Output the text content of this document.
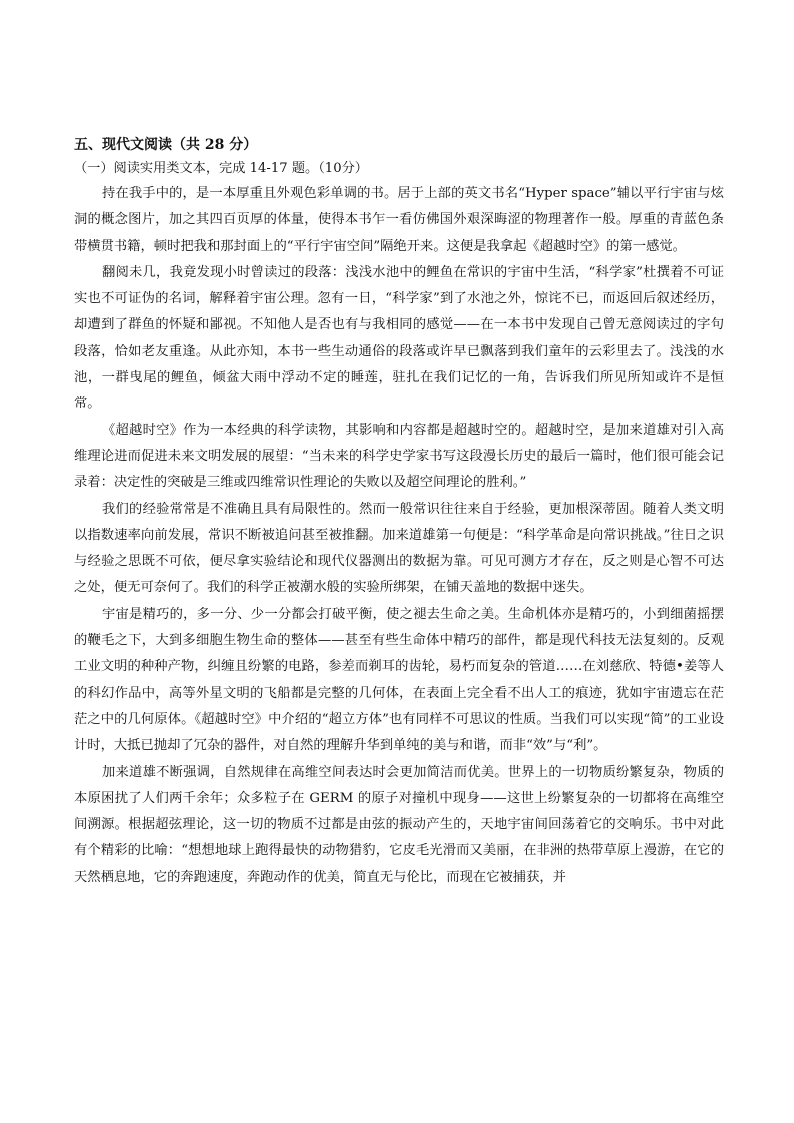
五、现代文阅读（共 28 分）

（一）阅读实用类文本，完成 14-17 题。（10分）

持在我手中的，是一本厚重且外观色彩单调的书。居于上部的英文书名“Hyper space”辅以平行宇宙与炫洞的概念图片，加之其四百页厚的体量，使得本书乍一看仿佛国外艰深晦涩的物理著作一般。厚重的青蓝色条带横贯书籍，顿时把我和那封面上的“平行宇宙空间”隔绝开来。这便是我拿起《超越时空》的第一感觉。

翻阅未几，我竟发现小时曾读过的段落：浅浅水池中的鲤鱼在常识的宇宙中生活，“科学家”杜撰着不可证实也不可证伪的名词，解释着宇宙公理。忽有一日，“科学家”到了水池之外，惊诧不已，而返回后叙述经历，却遭到了群鱼的怀疑和鄙视。不知他人是否也有与我相同的感觉——在一本书中发现自己曾无意阅读过的字句段落，恰如老友重逢。从此亦知，本书一些生动通俗的段落或许早已飘落到我们童年的云彩里去了。浅浅的水池，一群曳尾的鲤鱼，倾盆大雨中浮动不定的睡莲，驻扎在我们记忆的一角，告诉我们所见所知或许不是恒常。

《超越时空》作为一本经典的科学读物，其影响和内容都是超越时空的。超越时空，是加来道雄对引入高维理论进而促进未来文明发展的展望：“当未来的科学史学家书写这段漫长历史的最后一篇时，他们很可能会记录着：决定性的突破是三维或四维常识性理论的失败以及超空间理论的胜利。”

我们的经验常常是不准确且具有局限性的。然而一般常识往往来自于经验，更加根深蒂固。随着人类文明以指数速率向前发展，常识不断被追问甚至被推翻。加来道雄第一句便是：“科学革命是向常识挑战。”往日之识与经验之思既不可依，便尽拿实验结论和现代仪器测出的数据为靠。可见可测方才存在，反之则是心智不可达之处，便无可奈何了。我们的科学正被潮水般的实验所绑架，在铺天盖地的数据中迷失。

宇宙是精巧的，多一分、少一分都会打破平衡，使之褪去生命之美。生命机体亦是精巧的，小到细菌摇摆的鞭毛之下，大到多细胞生物生命的整体——甚至有些生命体中精巧的部件，都是现代科技无法复刻的。反观工业文明的种种产物，纠缠且纷繁的电路，参差而剃耳的齿轮，易朽而复杂的管道……在刘慈欣、特德•姜等人的科幻作品中，高等外星文明的飞船都是完整的几何体，在表面上完全看不出人工的痕迹，犹如宇宙遗忘在茫茫之中的几何原体。《超越时空》中介绍的“超立方体”也有同样不可思议的性质。当我们可以实现“简”的工业设计时，大抵已抛却了冗杂的器件，对自然的理解升华到单纯的美与和谐，而非“效”与“利”。

加来道雄不断强调，自然规律在高维空间表达时会更加简洁而优美。世界上的一切物质纷繁复杂，物质的本原困扰了人们两千余年；众多粒子在 GERM 的原子对撞机中现身——这世上纷繁复杂的一切都将在高维空间溯源。根据超弦理论，这一切的物质不过都是由弦的振动产生的，天地宇宙间回荡着它的交响乐。书中对此有个精彩的比喻：“想想地球上跑得最快的动物猎豹，它皮毛光滑而又美丽，在非洲的热带草原上漫游，在它的天然栖息地，它的奔跑速度，奔跑动作的优美，简直无与伦比，而现在它被捕获，并
